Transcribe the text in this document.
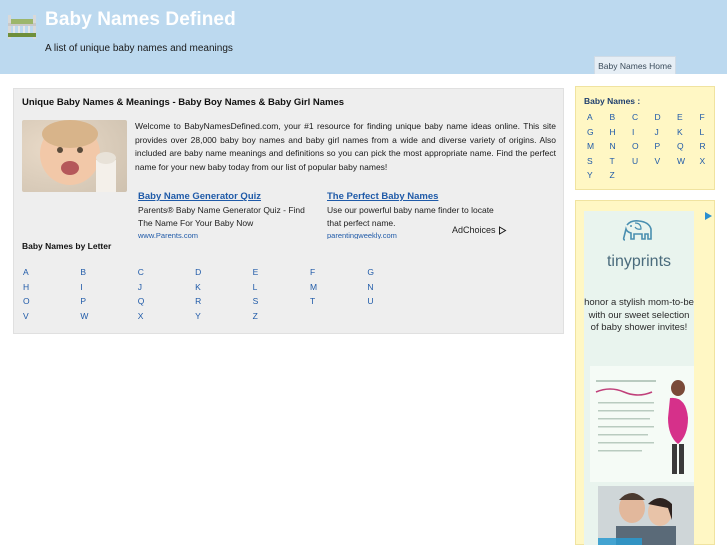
Baby Names Defined
A list of unique baby names and meanings
Baby Names Home
Unique Baby Names & Meanings - Baby Boy Names & Baby Girl Names
Welcome to BabyNamesDefined.com, your #1 resource for finding unique baby name ideas online. This site provides over 28,000 baby boy names and baby girl names from a wide and diverse variety of origins. Also included are baby name meanings and definitions so you can pick the most appropriate name. Find the perfect name for your new baby today from our list of popular baby names!
Baby Name Generator Quiz
Parents® Baby Name Generator Quiz - Find The Name For Your Baby Now
www.Parents.com
The Perfect Baby Names
Use our powerful baby name finder to locate that perfect name.
parentingweekly.com
AdChoices
Baby Names by Letter
A	B	C	D	E	F	G
H	I	J	K	L	M	N
O	P	Q	R	S	T	U
V	W	X	Y	Z
Baby Names :
A	B	C	D	E	F
G	H	I	J	K	L
M	N	O	P	Q	R
S	T	U	V	W	X
Y	Z
tinyprints
honor a stylish mom-to-be with our sweet selection of baby shower invites!
